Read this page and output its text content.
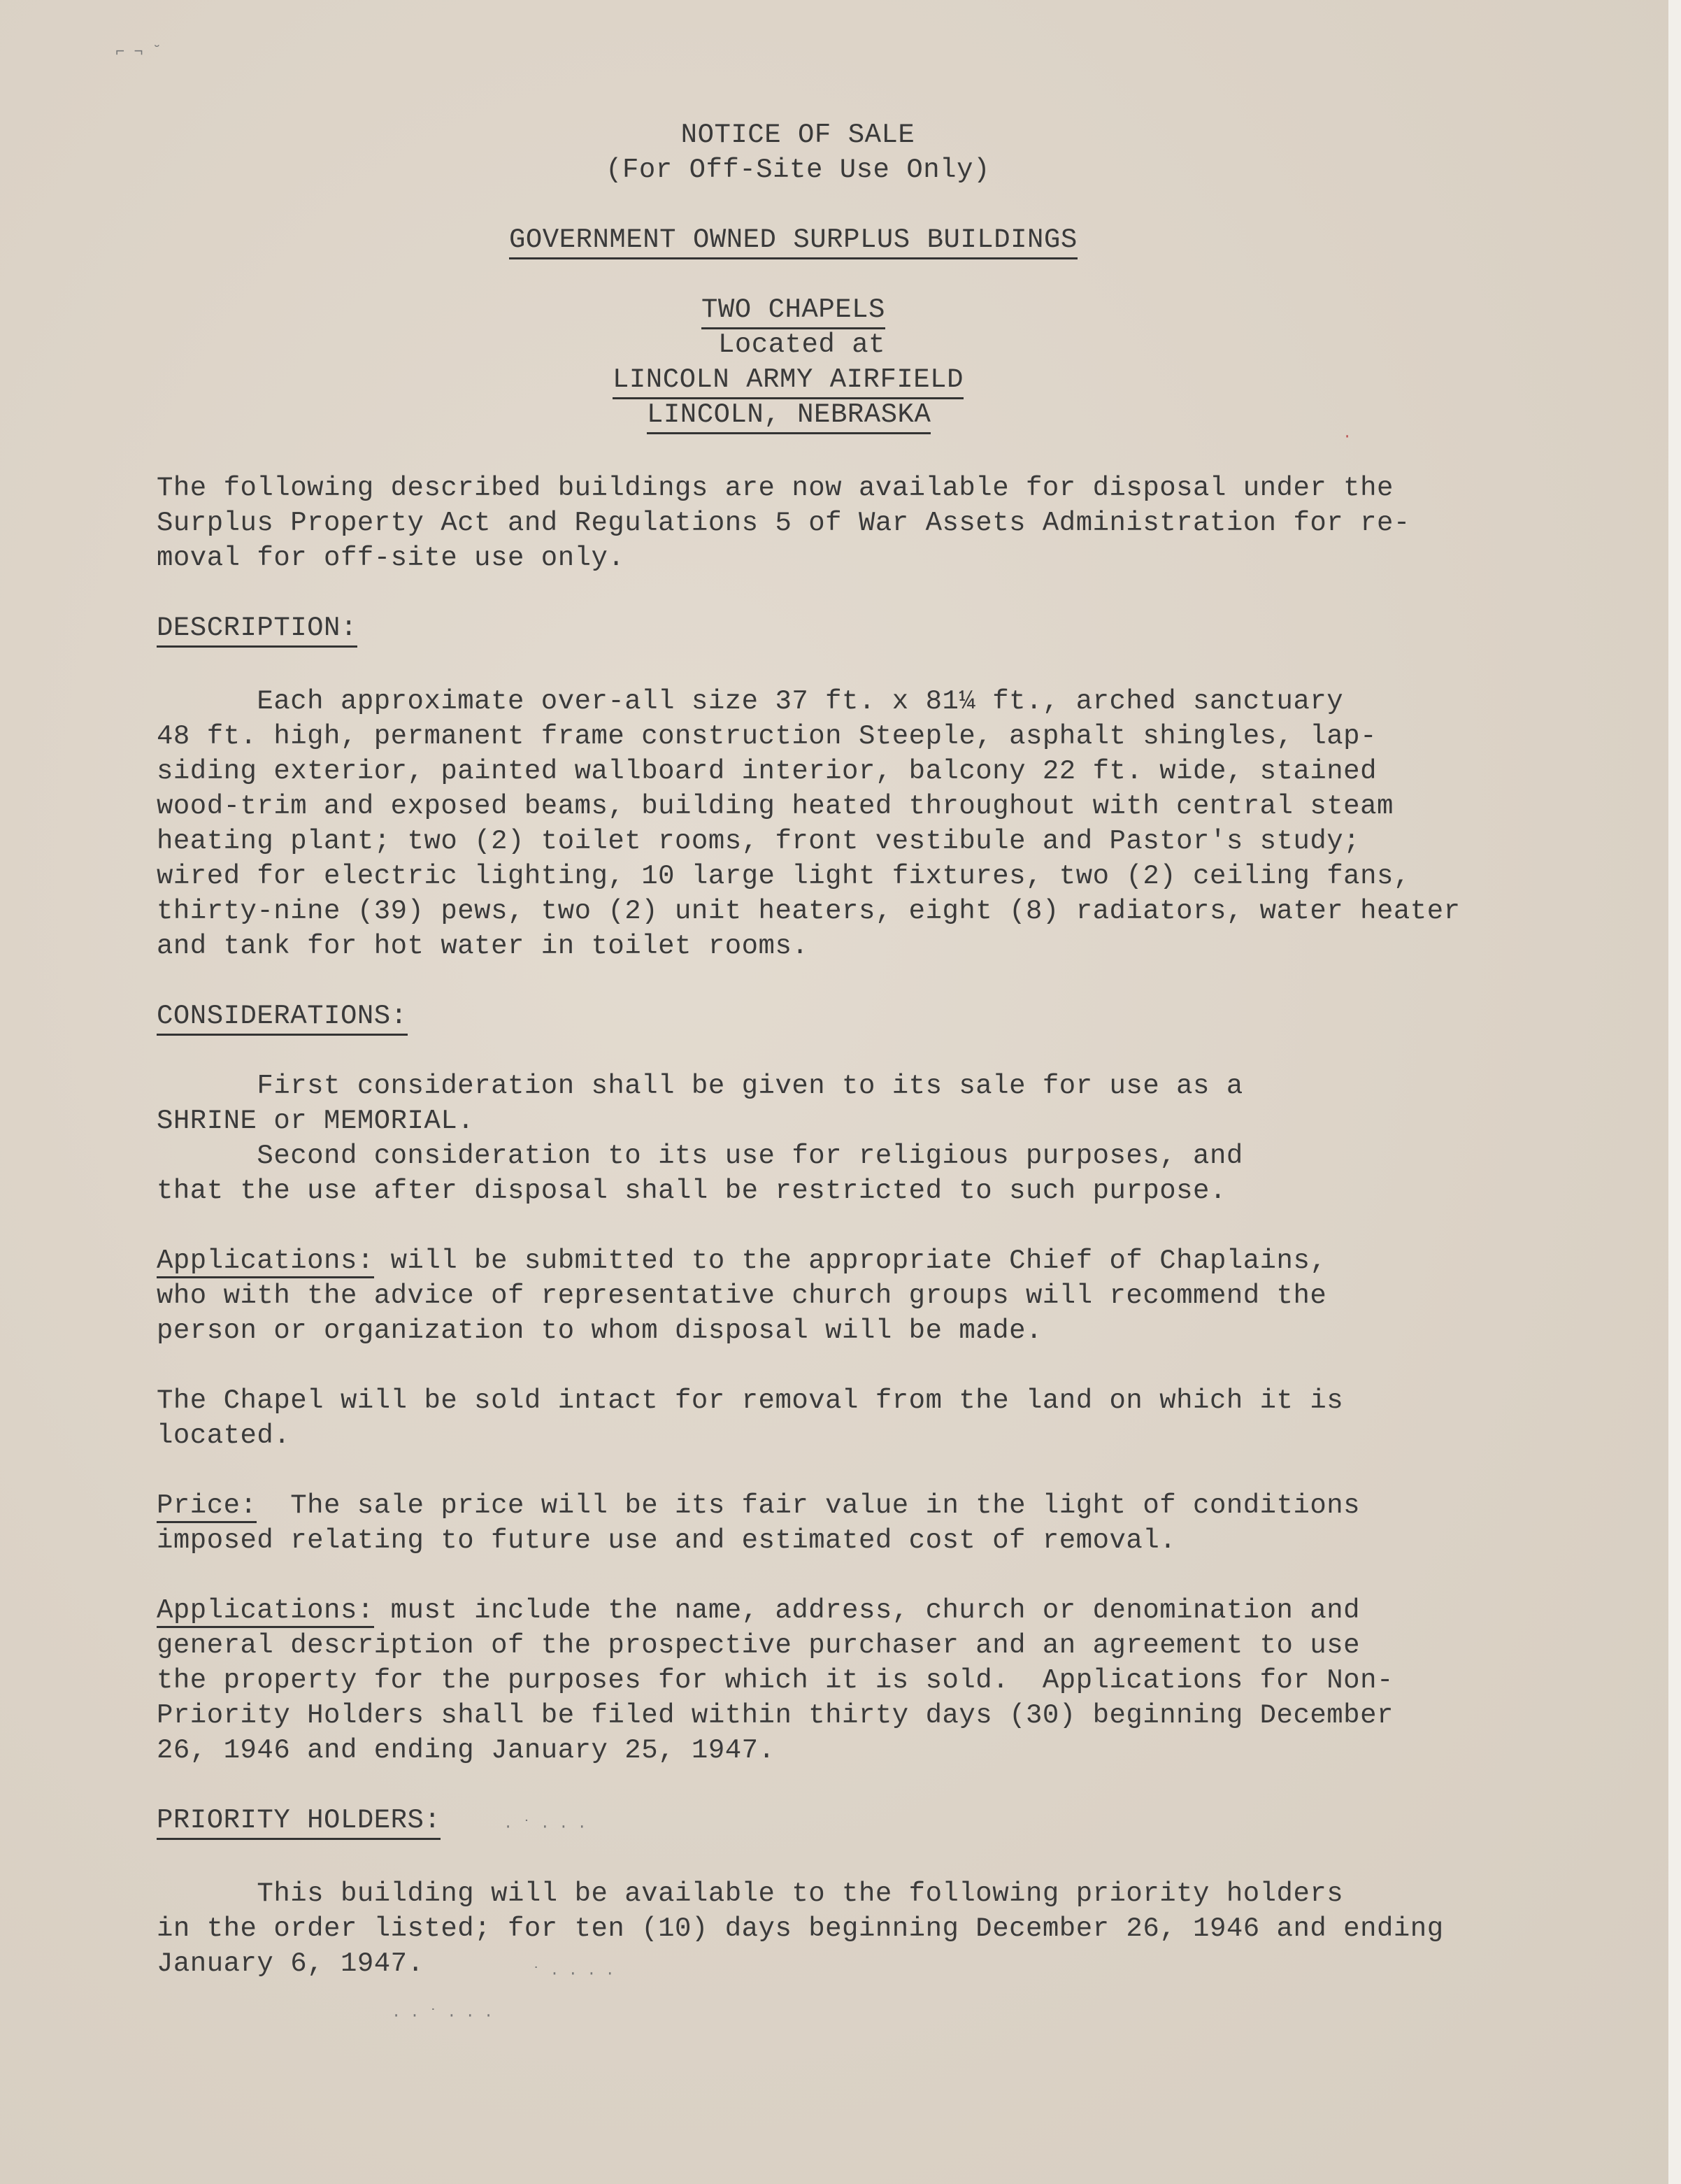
NOTICE OF SALE
(For Off-Site Use Only)
GOVERNMENT OWNED SURPLUS BUILDINGS
TWO CHAPELS
Located at
LINCOLN ARMY AIRFIELD
LINCOLN, NEBRASKA
The following described buildings are now available for disposal under the
Surplus Property Act and Regulations 5 of War Assets Administration for re-
moval for off-site use only.
DESCRIPTION:
Each approximate over-all size 37 ft. x 81¼ ft., arched sanctuary
48 ft. high, permanent frame construction Steeple, asphalt shingles, lap-
siding exterior, painted wallboard interior, balcony 22 ft. wide, stained
wood-trim and exposed beams, building heated throughout with central steam
heating plant; two (2) toilet rooms, front vestibule and Pastor's study;
wired for electric lighting, 10 large light fixtures, two (2) ceiling fans,
thirty-nine (39) pews, two (2) unit heaters, eight (8) radiators, water heater
and tank for hot water in toilet rooms.
CONSIDERATIONS:
First consideration shall be given to its sale for use as a
SHRINE or MEMORIAL.
Second consideration to its use for religious purposes, and
that the use after disposal shall be restricted to such purpose.
Applications: will be submitted to the appropriate Chief of Chaplains,
who with the advice of representative church groups will recommend the
person or organization to whom disposal will be made.
The Chapel will be sold intact for removal from the land on which it is
located.
Price:  The sale price will be its fair value in the light of conditions
imposed relating to future use and estimated cost of removal.
Applications: must include the name, address, church or denomination and
general description of the prospective purchaser and an agreement to use
the property for the purposes for which it is sold.  Applications for Non-
Priority Holders shall be filed within thirty days (30) beginning December
26, 1946 and ending January 25, 1947.
PRIORITY HOLDERS:
This building will be available to the following priority holders
in the order listed; for ten (10) days beginning December 26, 1946 and ending
January 6, 1947.
⌐ ¬ ˘
·
· ˙ · · ·
˙ · · · ·
· · ˙ · · ·
